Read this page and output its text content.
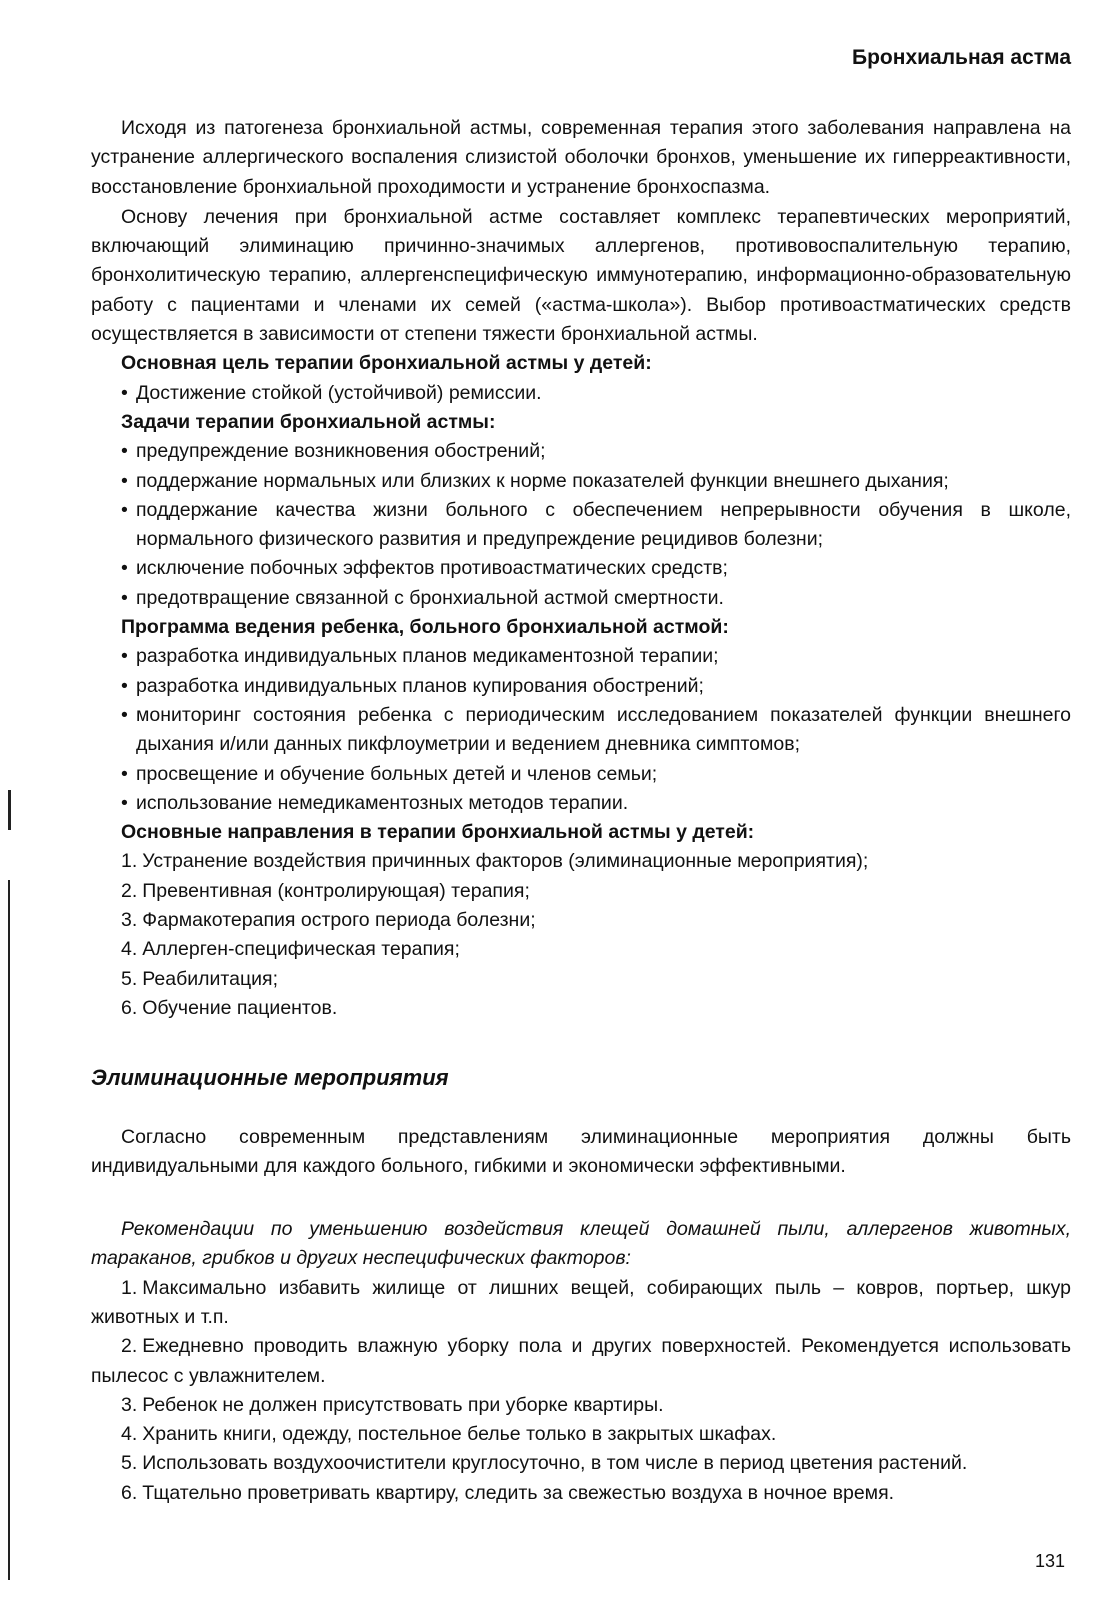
Бронхиальная астма

Исходя из патогенеза бронхиальной астмы, современная терапия этого заболевания направлена на устранение аллергического воспаления слизистой оболочки бронхов, уменьшение их гиперреактивности, восстановление бронхиальной проходимости и устранение бронхоспазма.

Основу лечения при бронхиальной астме составляет комплекс терапевтических мероприятий, включающий элиминацию причинно-значимых аллергенов, противовоспалительную терапию, бронхолитическую терапию, аллергенспецифическую иммунотерапию, информационно-образовательную работу с пациентами и членами их семей («астма-школа»). Выбор противоастматических средств осуществляется в зависимости от степени тяжести бронхиальной астмы.

Основная цель терапии бронхиальной астмы у детей:
• Достижение стойкой (устойчивой) ремиссии.
Задачи терапии бронхиальной астмы:
• предупреждение возникновения обострений;
• поддержание нормальных или близких к норме показателей функции внешнего дыхания;
• поддержание качества жизни больного с обеспечением непрерывности обучения в школе, нормального физического развития и предупреждение рецидивов болезни;
• исключение побочных эффектов противоастматических средств;
• предотвращение связанной с бронхиальной астмой смертности.
Программа ведения ребенка, больного бронхиальной астмой:
• разработка индивидуальных планов медикаментозной терапии;
• разработка индивидуальных планов купирования обострений;
• мониторинг состояния ребенка с периодическим исследованием показателей функции внешнего дыхания и/или данных пикфлоуметрии и ведением дневника симптомов;
• просвещение и обучение больных детей и членов семьи;
• использование немедикаментозных методов терапии.
Основные направления в терапии бронхиальной астмы у детей:
1. Устранение воздействия причинных факторов (элиминационные мероприятия);
2. Превентивная (контролирующая) терапия;
3. Фармакотерапия острого периода болезни;
4. Аллерген-специфическая терапия;
5. Реабилитация;
6. Обучение пациентов.
Элиминационные мероприятия

Согласно современным представлениям элиминационные мероприятия должны быть индивидуальными для каждого больного, гибкими и экономически эффективными.

Рекомендации по уменьшению воздействия клещей домашней пыли, аллергенов животных, тараканов, грибков и других неспецифических факторов:

1. Максимально избавить жилище от лишних вещей, собирающих пыль – ковров, портьер, шкур животных и т.п.
2. Ежедневно проводить влажную уборку пола и других поверхностей. Рекомендуется использовать пылесос с увлажнителем.
3. Ребенок не должен присутствовать при уборке квартиры.
4. Хранить книги, одежду, постельное белье только в закрытых шкафах.
5. Использовать воздухоочистители круглосуточно, в том числе в период цветения растений.
6. Тщательно проветривать квартиру, следить за свежестью воздуха в ночное время.
131
